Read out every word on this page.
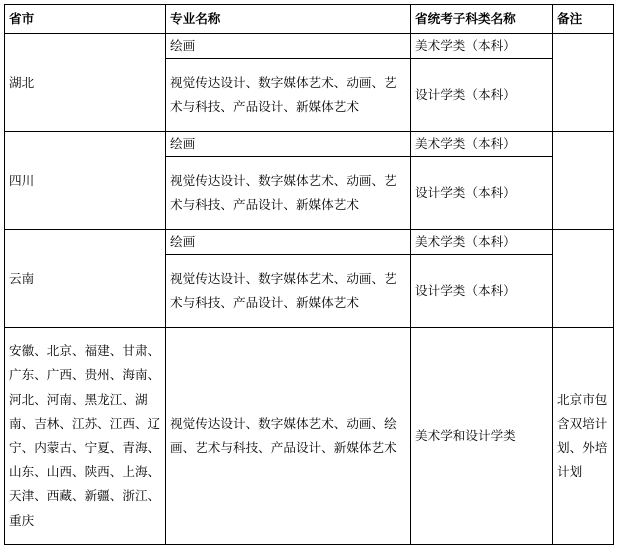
省市	专业名称	省统考子科类名称	备注
湖北	绘画	美术学类（本科）	
	视觉传达设计、数字媒体艺术、动画、艺术与科技、产品设计、新媒体艺术	设计学类（本科）	
四川	绘画	美术学类（本科）	
	视觉传达设计、数字媒体艺术、动画、艺术与科技、产品设计、新媒体艺术	设计学类（本科）	
云南	绘画	美术学类（本科）	
	视觉传达设计、数字媒体艺术、动画、艺术与科技、产品设计、新媒体艺术	设计学类（本科）	
安徽、北京、福建、甘肃、广东、广西、贵州、海南、河北、河南、黑龙江、湖南、吉林、江苏、江西、辽宁、内蒙古、宁夏、青海、山东、山西、陕西、上海、天津、西藏、新疆、浙江、重庆	视觉传达设计、数字媒体艺术、动画、绘画、艺术与科技、产品设计、新媒体艺术	美术学和设计学类	北京市包含双培计划、外培计划
